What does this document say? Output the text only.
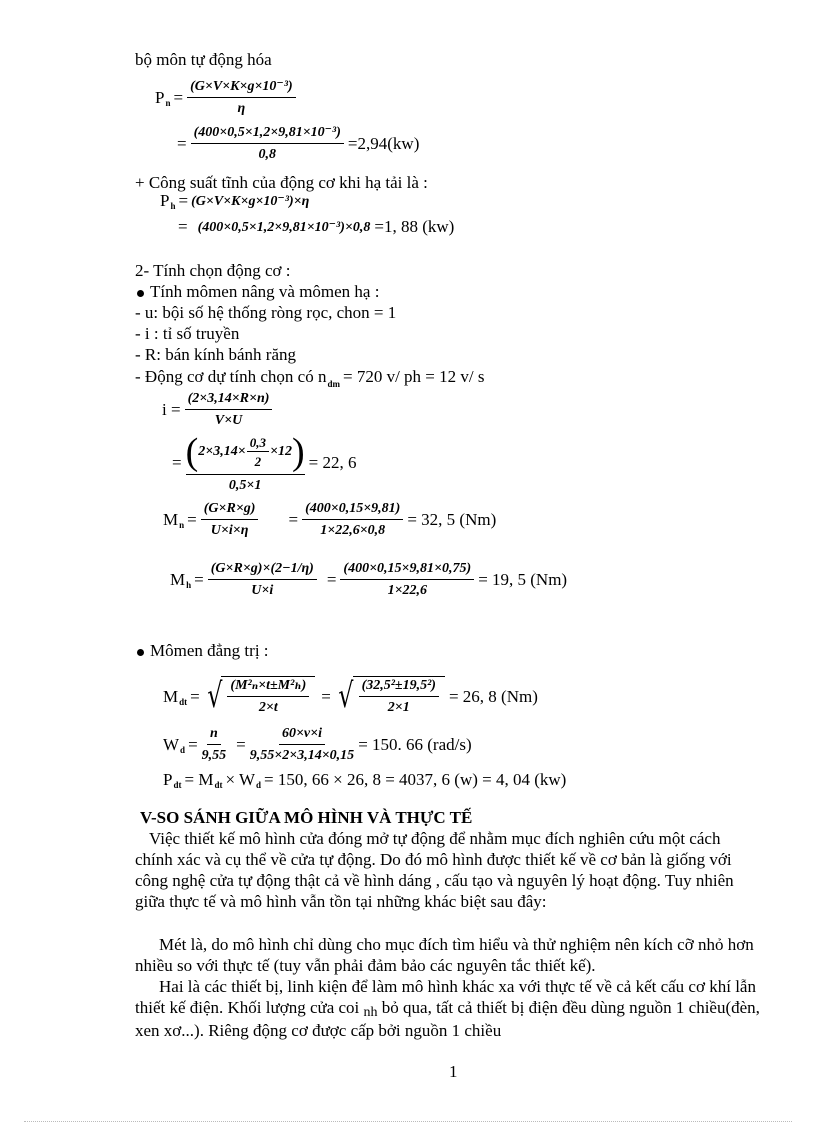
bộ môn tự động hóa
P $n = \frac{\text{(G×V×K×g×10⁻³)}}{\eta}$
= $\frac{\text{(400×0,5×1,2×9,81×10⁻³)}}{0,8} =2,94(kw)$
+ Công suất tĩnh của động cơ khi hạ tải là :
P h = (G×V×K×g×10⁻³)×η
= (400×0,5×1,2×9,81×10⁻³)×0,8 =1, 88 (kw)
2- Tính chọn động cơ :
Tính mômen nâng và mômen hạ :
- u: bội số hệ thống ròng rọc, chon = 1
- i : tỉ số truyền
- R: bán kính bánh răng
- Động cơ dự tính chọn có $n_{dm} = 720$ v/ ph = 12 v/ s
$i = \frac{(2\times 3,14\times R\times n)}{V\times U}$
= ( $2\times 3,14\times \frac{0,3}{2} \times 12$ )
0,5×1
= 22, 6
M $n = \frac{(G\times R\times g)}{U\times i\times\eta} = \frac{(400\times 0,15\times 9,81)}{1\times 22,6\times 0,8} = 32$, 5 (Nm)
M $h = \frac{(G\times R\times g)\times(2-1/\eta)}{U\times i} = \frac{(400\times 0,15\times 9,81\times 0,75)}{1\times 22,6} = 19$, 5 (Nm)
Mômen đẳng trị :
M dt = √ $\frac{\text{(M²ₙ×t±M²ₕ)}}{2\times t}$ = √ $\frac{\text{(32,5²±19,5²)}}{2\times 1} = 26$, 8 (Nm)
W $d = \frac{n}{9,55} = \frac{60\times v\times i}{9,55\times 2\times 3,14\times 0,15} = 150$. 66 (rad/s)
P dt = M dt × W d = 150, 66 × 26, 8 = 4037, 6 (w) = 4, 04 (kw)
V-SO SÁNH GIỮA MÔ HÌNH VÀ THỰC TẾ
Việc thiết kế mô hình cửa đóng mở tự động để nhằm mục đích nghiên cứu một cách chính xác và cụ thể về cửa tự động. Do đó mô hình được thiết kế về cơ bản là giống với công nghệ cửa tự động thật cả về hình dáng , cấu tạo và nguyên lý hoạt động. Tuy nhiên giữa thực tế và mô hình vẫn tồn tại những khác biệt sau đây:
Mét là, do mô hình chỉ dùng cho mục đích tìm hiểu và thử nghiệm nên kích cỡ nhỏ hơn nhiều so với thực tế (tuy vẫn phải đảm bảo các nguyên tắc thiết kế).
Hai là các thiết bị, linh kiện để làm mô hình khác xa với thực tế về cả kết cấu cơ khí lẫn thiết kế điện. Khối lượng cửa coi nh bỏ qua, tất cả thiết bị điện đều dùng nguồn 1 chiều(đèn, xen xơ...). Riêng động cơ được cấp bởi nguồn 1 chiều
1
